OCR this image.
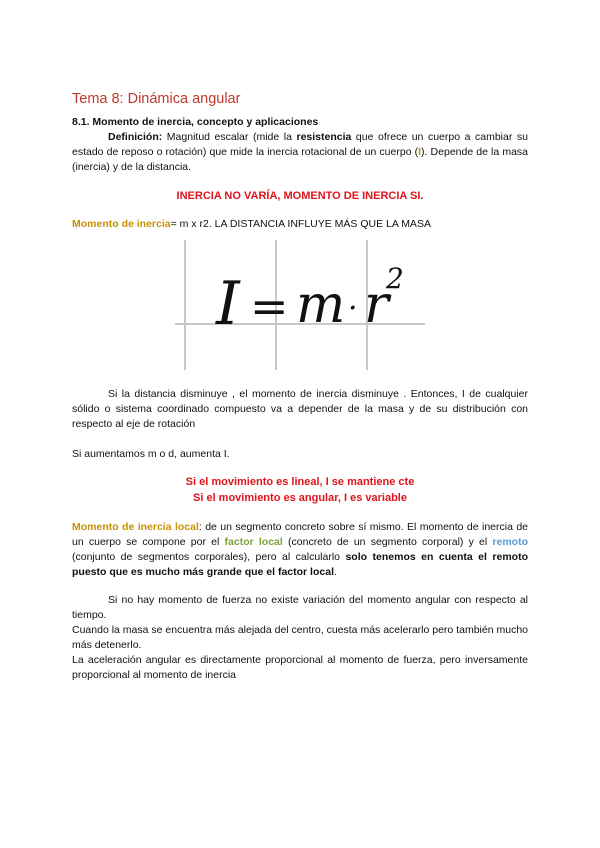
Tema 8: Dinámica angular
8.1. Momento de inercia, concepto y aplicaciones
Definición: Magnitud escalar (mide la resistencia que ofrece un cuerpo a cambiar su estado de reposo o rotación) que mide la inercia rotacional de un cuerpo (I). Depende de la masa (inercia) y de la distancia.
INERCIA NO VARÍA, MOMENTO DE INERCIA SI.
Momento de inercia= m x r2. LA DISTANCIA INFLUYE MÁS QUE LA MASA
I = m · r
2
Si la distancia disminuye , el momento de inercia disminuye . Entonces, I de cualquier sólido o sistema coordinado compuesto va a depender de la masa y de su distribución con respecto al eje de rotación
Si aumentamos m o d, aumenta I.
Si el movimiento es lineal, I se mantiene cte
Si el movimiento es angular, I es variable
Momento de inercia local: de un segmento concreto sobre sí mismo. El momento de inercia de un cuerpo se compone por el factor local (concreto de un segmento corporal) y el remoto (conjunto de segmentos corporales), pero al calcularlo solo tenemos en cuenta el remoto puesto que es mucho más grande que el factor local.
Si no hay momento de fuerza no existe variación del momento angular con respecto al tiempo.
Cuando la masa se encuentra más alejada del centro, cuesta más acelerarlo pero también mucho más detenerlo.
La aceleración angular es directamente proporcional al momento de fuerza, pero inversamente proporcional al momento de inercia
